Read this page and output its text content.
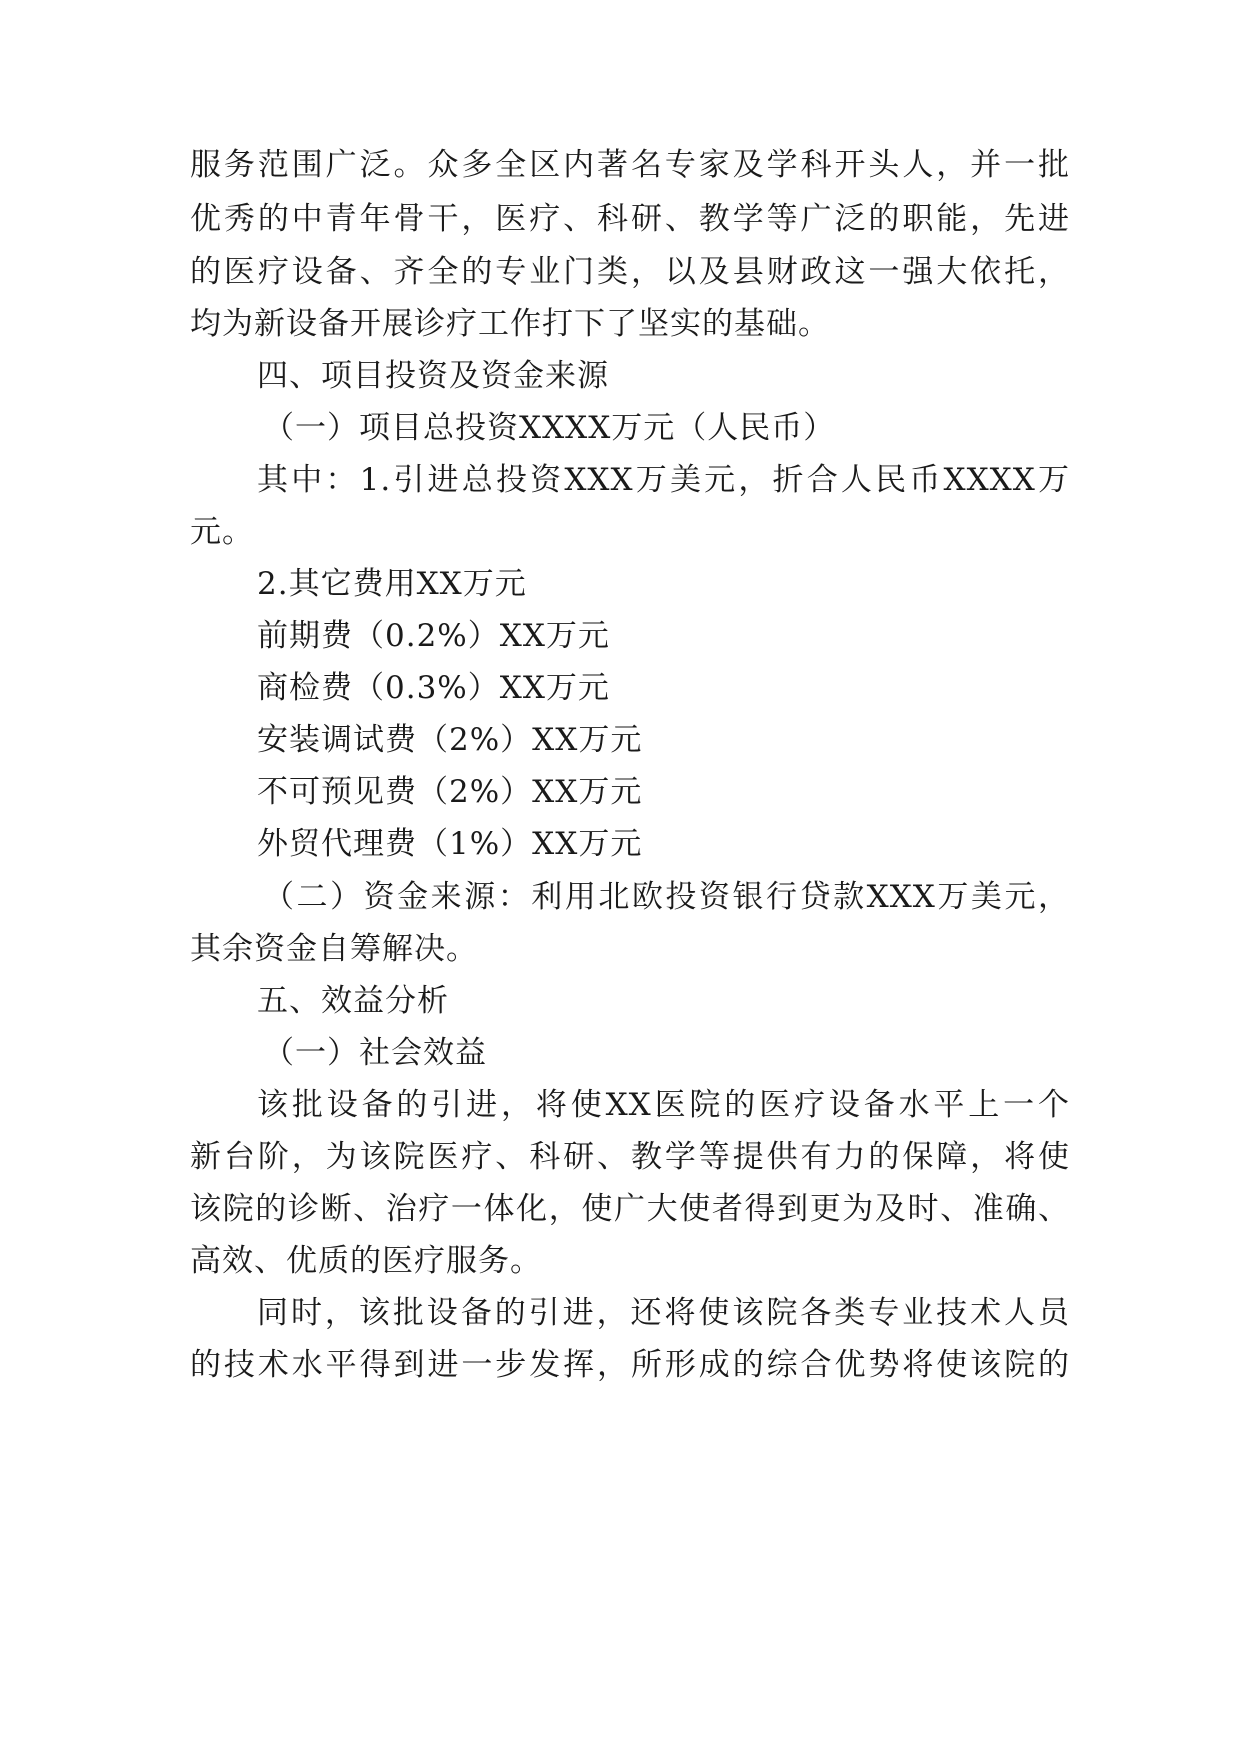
服务范围广泛。众多全区内著名专家及学科开头人，并一批
优秀的中青年骨干，医疗、科研、教学等广泛的职能，先进
的医疗设备、齐全的专业门类，以及县财政这一强大依托，
均为新设备开展诊疗工作打下了坚实的基础。
四、项目投资及资金来源
（一）项目总投资XXXX万元（人民币）
其中：1.引进总投资XXX万美元，折合人民币XXXX万
元。
2.其它费用XX万元
前期费（0.2%）XX万元
商检费（0.3%）XX万元
安装调试费（2%）XX万元
不可预见费（2%）XX万元
外贸代理费（1%）XX万元
（二）资金来源：利用北欧投资银行贷款XXX万美元，
其余资金自筹解决。
五、效益分析
（一）社会效益
该批设备的引进，将使XX医院的医疗设备水平上一个
新台阶，为该院医疗、科研、教学等提供有力的保障，将使
该院的诊断、治疗一体化，使广大使者得到更为及时、准确、
高效、优质的医疗服务。
同时，该批设备的引进，还将使该院各类专业技术人员
的技术水平得到进一步发挥，所形成的综合优势将使该院的
